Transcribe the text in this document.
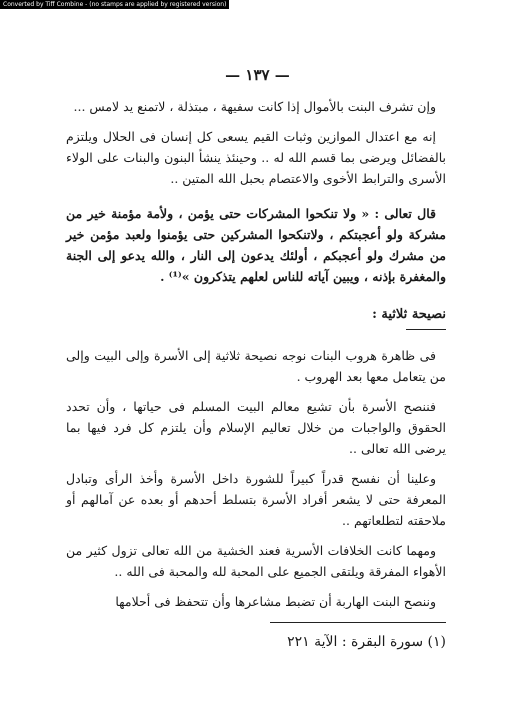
Converted by Tiff Combine - (no stamps are applied by registered version)
— ١٣٧ —

وإن تشرف البنت بالأموال إذا كانت سفيهة ، مبتذلة ، لاتمنع يد لامس ...

إنه مع اعتدال الموازين وثبات القيم يسعى كل إنسان فى الحلال ويلتزم بالفضائل ويرضى بما قسم الله له .. وحينئذ ينشأ البنون والبنات على الولاء الأسرى والترابط الأخوى والاعتصام بحبل الله المتين ..

قال تعالى : « ولا تنكحوا المشركات حتى يؤمن ، ولأمة مؤمنة خير من مشركة ولو أعجبتكم ، ولاتنكحوا المشركين حتى يؤمنوا ولعبد مؤمن خير من مشرك ولو أعجبكم ، أولئك يدعون إلى النار ، والله يدعو إلى الجنة والمغفرة بإذنه ، ويبين آياته للناس لعلهم يتذكرون »⁽¹⁾ .

نصيحة ثلاثية :

فى ظاهرة هروب البنات نوجه نصيحة ثلاثية إلى الأسرة وإلى البيت وإلى من يتعامل معها بعد الهروب .

فننصح الأسرة بأن تشيع معالم البيت المسلم فى حياتها ، وأن تحدد الحقوق والواجبات من خلال تعاليم الإسلام وأن يلتزم كل فرد فيها بما يرضى الله تعالى ..

وعلينا أن نفسح قدراً كبيراً للشورة داخل الأسرة وأخذ الرأى وتبادل المعرفة حتى لا يشعر أفراد الأسرة بتسلط أحدهم أو بعده عن آمالهم أو ملاحقته لتطلعاتهم ..

ومهما كانت الخلافات الأسرية فعند الخشية من الله تعالى تزول كثير من الأهواء المفرقة ويلتقى الجميع على المحبة لله والمحبة فى الله ..

وننصح البنت الهاربة أن تضبط مشاعرها وأن تتحفظ فى أحلامها

(١) سورة البقرة : الآية ٢٢١
